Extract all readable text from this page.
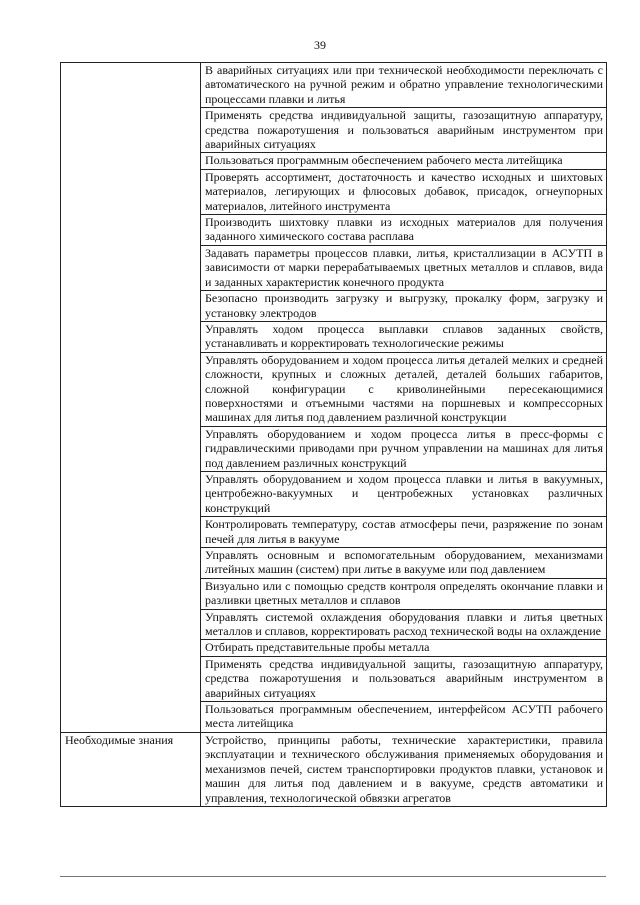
39
	В аварийных ситуациях или при технической необходимости переключать с автоматического на ручной режим и обратно управление технологическими процессами плавки и литья
	Применять средства индивидуальной защиты, газозащитную аппаратуру, средства пожаротушения и пользоваться аварийным инструментом при аварийных ситуациях
	Пользоваться программным обеспечением рабочего места литейщика
	Проверять ассортимент, достаточность и качество исходных и шихтовых материалов, легирующих и флюсовых добавок, присадок, огнеупорных материалов, литейного инструмента
	Производить шихтовку плавки из исходных материалов для получения заданного химического состава расплава
	Задавать параметры процессов плавки, литья, кристаллизации в АСУТП в зависимости от марки перерабатываемых цветных металлов и сплавов, вида и заданных характеристик конечного продукта
	Безопасно производить загрузку и выгрузку, прокалку форм, загрузку и установку электродов
	Управлять ходом процесса выплавки сплавов заданных свойств, устанавливать и корректировать технологические режимы
	Управлять оборудованием и ходом процесса литья деталей мелких и средней сложности, крупных и сложных деталей, деталей больших габаритов, сложной конфигурации с криволинейными пересекающимися поверхностями и отъемными частями на поршневых и компрессорных машинах для литья под давлением различной конструкции
	Управлять оборудованием и ходом процесса литья в пресс-формы с гидравлическими приводами при ручном управлении на машинах для литья под давлением различных конструкций
	Управлять оборудованием и ходом процесса плавки и литья в вакуумных, центробежно-вакуумных и центробежных установках различных конструкций
	Контролировать температуру, состав атмосферы печи, разряжение по зонам печей для литья в вакууме
	Управлять основным и вспомогательным оборудованием, механизмами литейных машин (систем) при литье в вакууме или под давлением
	Визуально или с помощью средств контроля определять окончание плавки и разливки цветных металлов и сплавов
	Управлять системой охлаждения оборудования плавки и литья цветных металлов и сплавов, корректировать расход технической воды на охлаждение
	Отбирать представительные пробы металла
	Применять средства индивидуальной защиты, газозащитную аппаратуру, средства пожаротушения и пользоваться аварийным инструментом в аварийных ситуациях
	Пользоваться программным обеспечением, интерфейсом АСУТП рабочего места литейщика
Необходимые знания	Устройство, принципы работы, технические характеристики, правила эксплуатации и технического обслуживания применяемых оборудования и механизмов печей, систем транспортировки продуктов плавки, установок и машин для литья под давлением и в вакууме, средств автоматики и управления, технологической обвязки агрегатов
